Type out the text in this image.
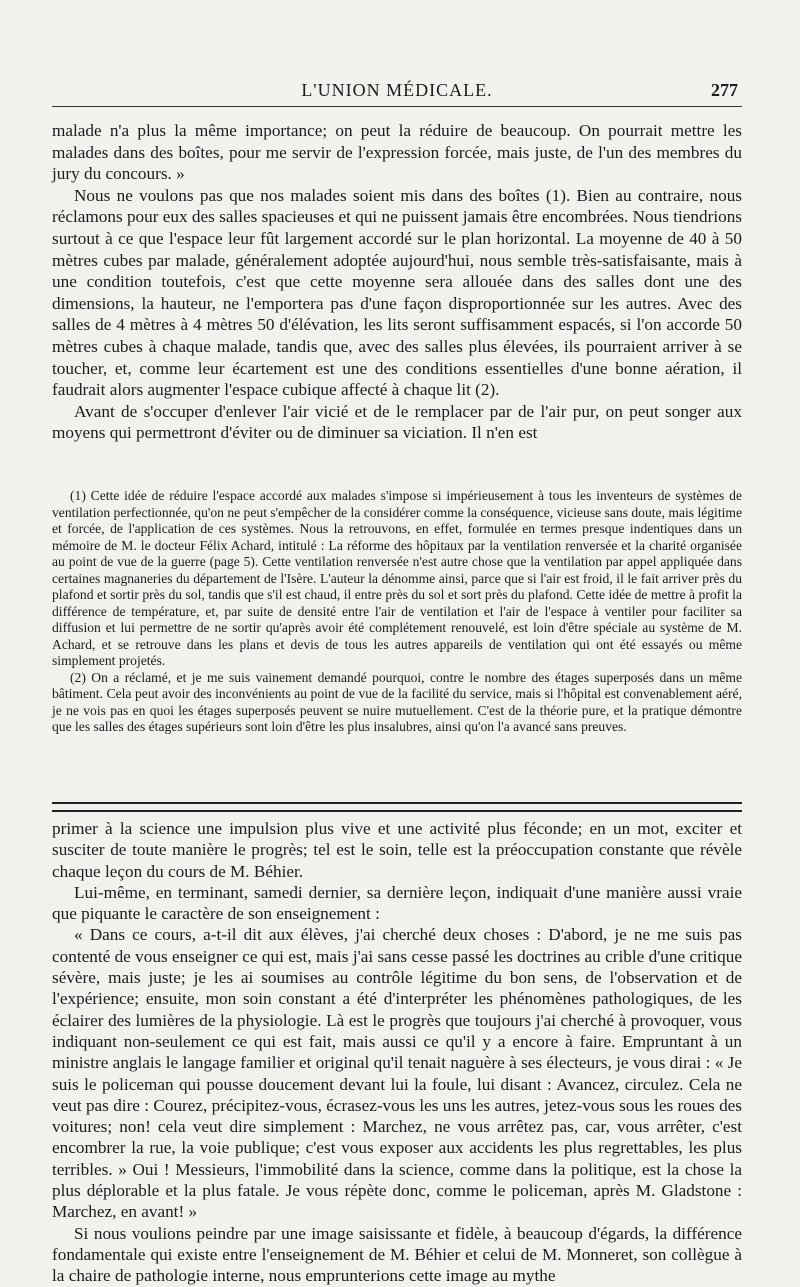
L'UNION MÉDICALE.	277

malade n'a plus la même importance; on peut la réduire de beaucoup. On pourrait mettre les malades dans des boîtes, pour me servir de l'expression forcée, mais juste, de l'un des membres du jury du concours. »

Nous ne voulons pas que nos malades soient mis dans des boîtes (1). Bien au contraire, nous réclamons pour eux des salles spacieuses et qui ne puissent jamais être encombrées. Nous tiendrions surtout à ce que l'espace leur fût largement accordé sur le plan horizontal. La moyenne de 40 à 50 mètres cubes par malade, généralement adoptée aujourd'hui, nous semble très-satisfaisante, mais à une condition toutefois, c'est que cette moyenne sera allouée dans des salles dont une des dimensions, la hauteur, ne l'emportera pas d'une façon disproportionnée sur les autres. Avec des salles de 4 mètres à 4 mètres 50 d'élévation, les lits seront suffisamment espacés, si l'on accorde 50 mètres cubes à chaque malade, tandis que, avec des salles plus élevées, ils pourraient arriver à se toucher, et, comme leur écartement est une des conditions essentielles d'une bonne aération, il faudrait alors augmenter l'espace cubique affecté à chaque lit (2).

Avant de s'occuper d'enlever l'air vicié et de le remplacer par de l'air pur, on peut songer aux moyens qui permettront d'éviter ou de diminuer sa viciation. Il n'en est

(1) Cette idée de réduire l'espace accordé aux malades s'impose si impérieusement à tous les inventeurs de systèmes de ventilation perfectionnée, qu'on ne peut s'empêcher de la considérer comme la conséquence, vicieuse sans doute, mais légitime et forcée, de l'application de ces systèmes. Nous la retrouvons, en effet, formulée en termes presque indentiques dans un mémoire de M. le docteur Félix Achard, intitulé : La réforme des hôpitaux par la ventilation renversée et la charité organisée au point de vue de la guerre (page 5). Cette ventilation renversée n'est autre chose que la ventilation par appel appliquée dans certaines magnaneries du département de l'Isère. L'auteur la dénomme ainsi, parce que si l'air est froid, il le fait arriver près du plafond et sortir près du sol, tandis que s'il est chaud, il entre près du sol et sort près du plafond. Cette idée de mettre à profit la différence de température, et, par suite de densité entre l'air de ventilation et l'air de l'espace à ventiler pour faciliter sa diffusion et lui permettre de ne sortir qu'après avoir été complétement renouvelé, est loin d'être spéciale au système de M. Achard, et se retrouve dans les plans et devis de tous les autres appareils de ventilation qui ont été essayés ou même simplement projetés.

(2) On a réclamé, et je me suis vainement demandé pourquoi, contre le nombre des étages superposés dans un même bâtiment. Cela peut avoir des inconvénients au point de vue de la facilité du service, mais si l'hôpital est convenablement aéré, je ne vois pas en quoi les étages superposés peuvent se nuire mutuellement. C'est de la théorie pure, et la pratique démontre que les salles des étages supérieurs sont loin d'être les plus insalubres, ainsi qu'on l'a avancé sans preuves.

primer à la science une impulsion plus vive et une activité plus féconde; en un mot, exciter et susciter de toute manière le progrès; tel est le soin, telle est la préoccupation constante que révèle chaque leçon du cours de M. Béhier.

Lui-même, en terminant, samedi dernier, sa dernière leçon, indiquait d'une manière aussi vraie que piquante le caractère de son enseignement :

« Dans ce cours, a-t-il dit aux élèves, j'ai cherché deux choses : D'abord, je ne me suis pas contenté de vous enseigner ce qui est, mais j'ai sans cesse passé les doctrines au crible d'une critique sévère, mais juste; je les ai soumises au contrôle légitime du bon sens, de l'observation et de l'expérience; ensuite, mon soin constant a été d'interpréter les phénomènes pathologiques, de les éclairer des lumières de la physiologie. Là est le progrès que toujours j'ai cherché à provoquer, vous indiquant non-seulement ce qui est fait, mais aussi ce qu'il y a encore à faire. Empruntant à un ministre anglais le langage familier et original qu'il tenait naguère à ses électeurs, je vous dirai : « Je suis le policeman qui pousse doucement devant lui la foule, lui disant : Avancez, circulez. Cela ne veut pas dire : Courez, précipitez-vous, écrasez-vous les uns les autres, jetez-vous sous les roues des voitures; non! cela veut dire simplement : Marchez, ne vous arrêtez pas, car, vous arrêter, c'est encombrer la rue, la voie publique; c'est vous exposer aux accidents les plus regrettables, les plus terribles. » Oui ! Messieurs, l'immobilité dans la science, comme dans la politique, est la chose la plus déplorable et la plus fatale. Je vous répète donc, comme le policeman, après M. Gladstone : Marchez, en avant! »

Si nous voulions peindre par une image saisissante et fidèle, à beaucoup d'égards, la différence fondamentale qui existe entre l'enseignement de M. Béhier et celui de M. Monneret, son collègue à la chaire de pathologie interne, nous emprunterions cette image au mythe
